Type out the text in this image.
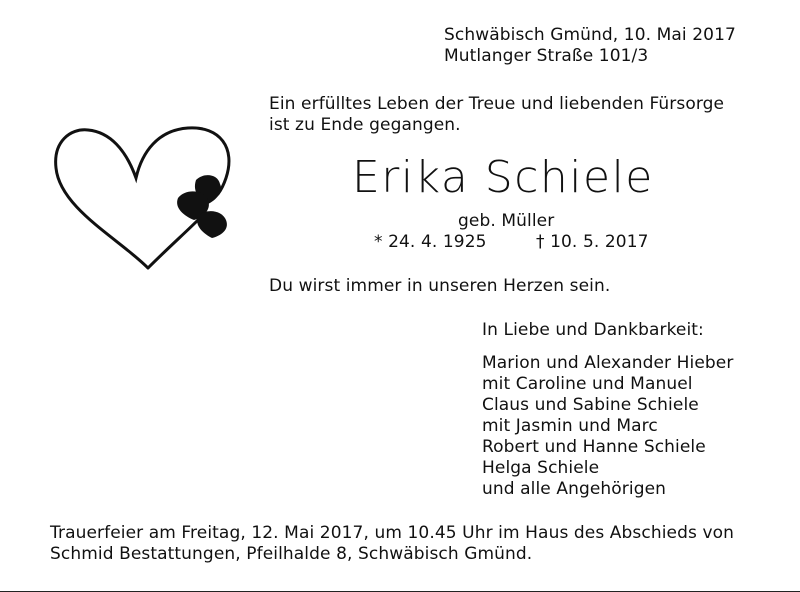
Schwäbisch Gmünd, 10. Mai 2017
Mutlanger Straße 101/3
Ein erfülltes Leben der Treue und liebenden Fürsorge
ist zu Ende gegangen.
Erika Schiele
geb. Müller
* 24. 4. 1925	† 10. 5. 2017
Du wirst immer in unseren Herzen sein.
In Liebe und Dankbarkeit:
Marion und Alexander Hieber
mit Caroline und Manuel
Claus und Sabine Schiele
mit Jasmin und Marc
Robert und Hanne Schiele
Helga Schiele
und alle Angehörigen
Trauerfeier am Freitag, 12. Mai 2017, um 10.45 Uhr im Haus des Abschieds von
Schmid Bestattungen, Pfeilhalde 8, Schwäbisch Gmünd.
